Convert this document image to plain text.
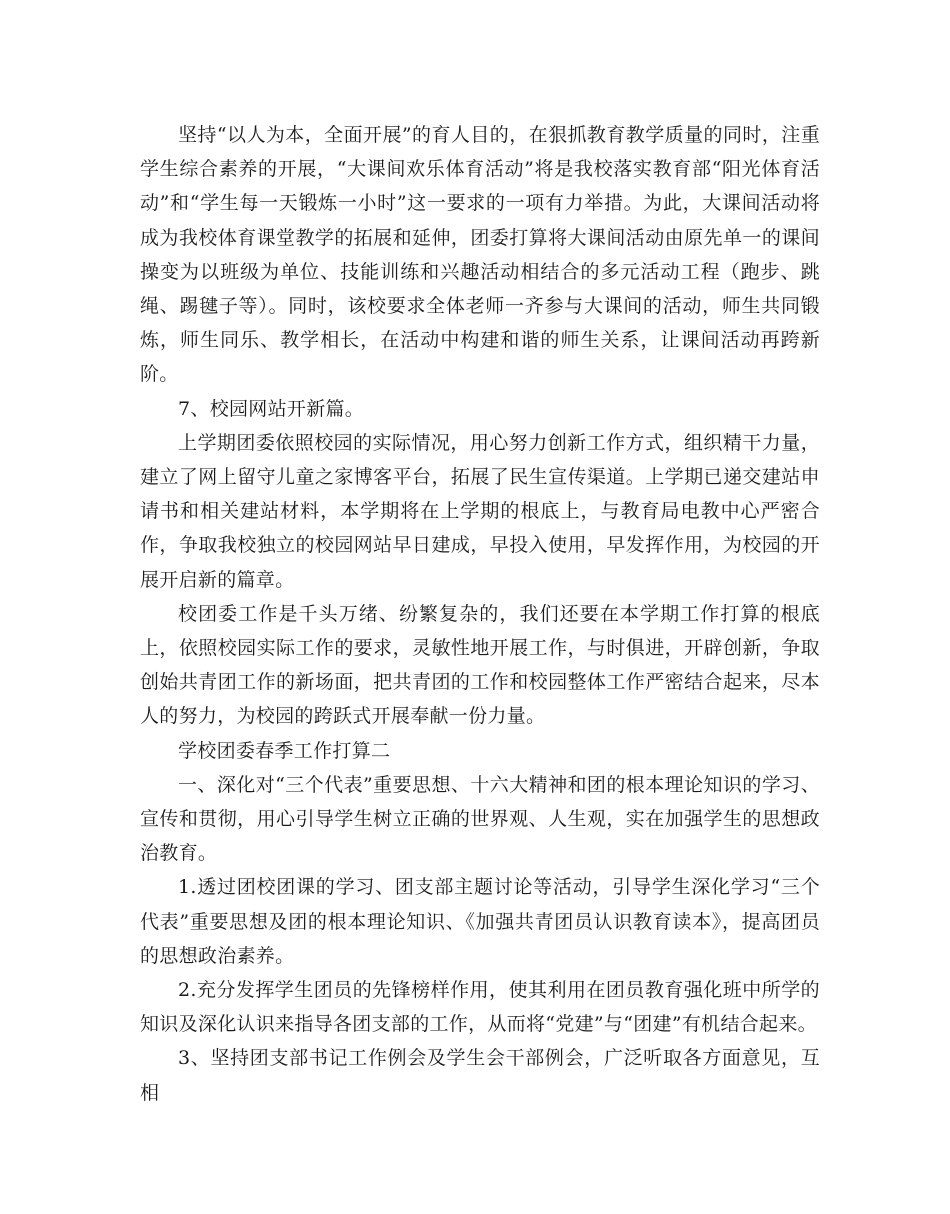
坚持“以人为本，全面开展”的育人目的，在狠抓教育教学质量的同时，注重学生综合素养的开展，“大课间欢乐体育活动”将是我校落实教育部“阳光体育活动”和“学生每一天锻炼一小时”这一要求的一项有力举措。为此，大课间活动将成为我校体育课堂教学的拓展和延伸，团委打算将大课间活动由原先单一的课间操变为以班级为单位、技能训练和兴趣活动相结合的多元活动工程（跑步、跳绳、踢毽子等）。同时，该校要求全体老师一齐参与大课间的活动，师生共同锻炼，师生同乐、教学相长，在活动中构建和谐的师生关系，让课间活动再跨新阶。

7、校园网站开新篇。

上学期团委依照校园的实际情况，用心努力创新工作方式，组织精干力量，建立了网上留守儿童之家博客平台，拓展了民生宣传渠道。上学期已递交建站申请书和相关建站材料，本学期将在上学期的根底上，与教育局电教中心严密合作，争取我校独立的校园网站早日建成，早投入使用，早发挥作用，为校园的开展开启新的篇章。

校团委工作是千头万绪、纷繁复杂的，我们还要在本学期工作打算的根底上，依照校园实际工作的要求，灵敏性地开展工作，与时俱进，开辟创新，争取创始共青团工作的新场面，把共青团的工作和校园整体工作严密结合起来，尽本人的努力，为校园的跨跃式开展奉献一份力量。

学校团委春季工作打算二

一、深化对“三个代表”重要思想、十六大精神和团的根本理论知识的学习、宣传和贯彻，用心引导学生树立正确的世界观、人生观，实在加强学生的思想政治教育。

1.透过团校团课的学习、团支部主题讨论等活动，引导学生深化学习“三个代表”重要思想及团的根本理论知识、《加强共青团员认识教育读本》，提高团员的思想政治素养。

2.充分发挥学生团员的先锋榜样作用，使其利用在团员教育强化班中所学的知识及深化认识来指导各团支部的工作，从而将“党建”与“团建”有机结合起来。

3、坚持团支部书记工作例会及学生会干部例会，广泛听取各方面意见，互相
